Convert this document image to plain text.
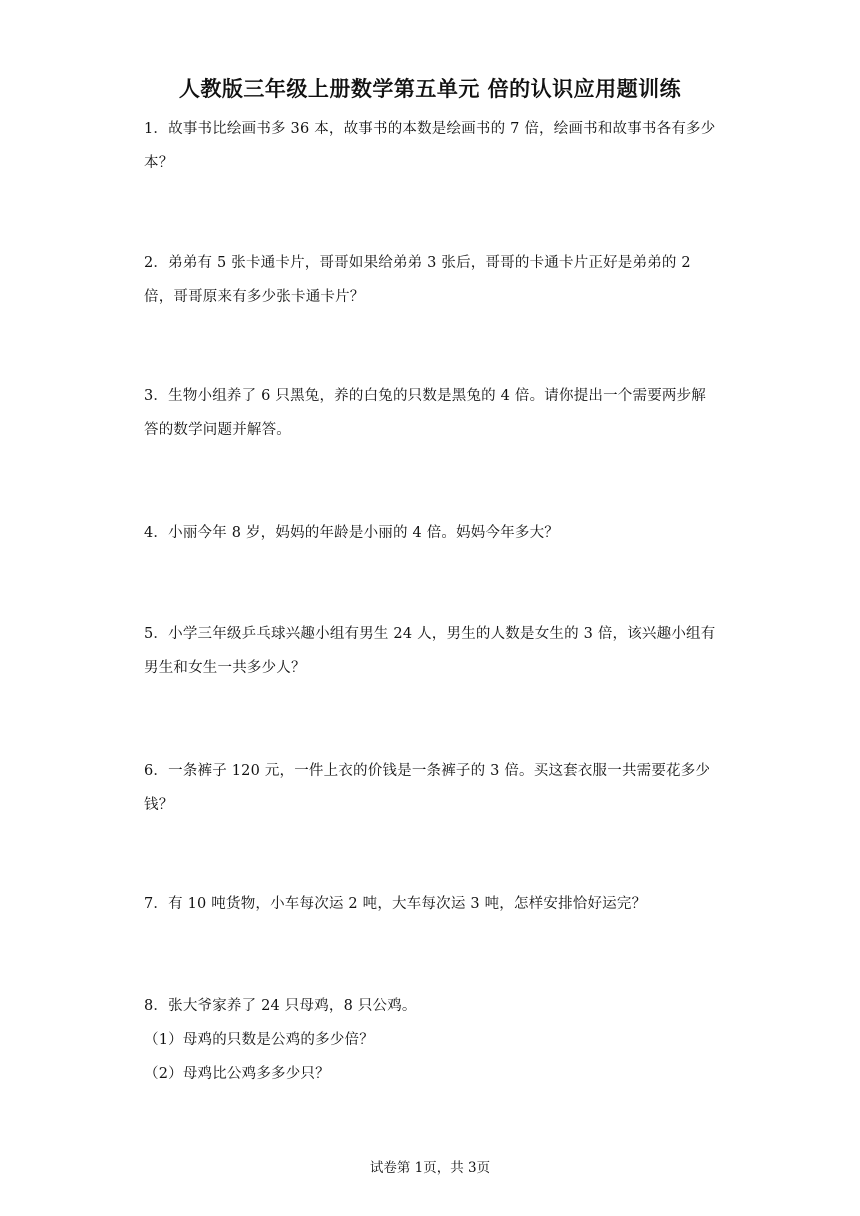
人教版三年级上册数学第五单元 倍的认识应用题训练

1．故事书比绘画书多 36 本，故事书的本数是绘画书的 7 倍，绘画书和故事书各有多少本？

2．弟弟有 5 张卡通卡片，哥哥如果给弟弟 3 张后，哥哥的卡通卡片正好是弟弟的 2 倍，哥哥原来有多少张卡通卡片？

3．生物小组养了 6 只黑兔，养的白兔的只数是黑兔的 4 倍。请你提出一个需要两步解答的数学问题并解答。

4．小丽今年 8 岁，妈妈的年龄是小丽的 4 倍。妈妈今年多大？

5．小学三年级乒乓球兴趣小组有男生 24 人，男生的人数是女生的 3 倍，该兴趣小组有男生和女生一共多少人？

6．一条裤子 120 元，一件上衣的价钱是一条裤子的 3 倍。买这套衣服一共需要花多少钱？

7．有 10 吨货物，小车每次运 2 吨，大车每次运 3 吨，怎样安排恰好运完？

8．张大爷家养了 24 只母鸡，8 只公鸡。

（1）母鸡的只数是公鸡的多少倍？

（2）母鸡比公鸡多多少只？

试卷第 1页，共 3页
